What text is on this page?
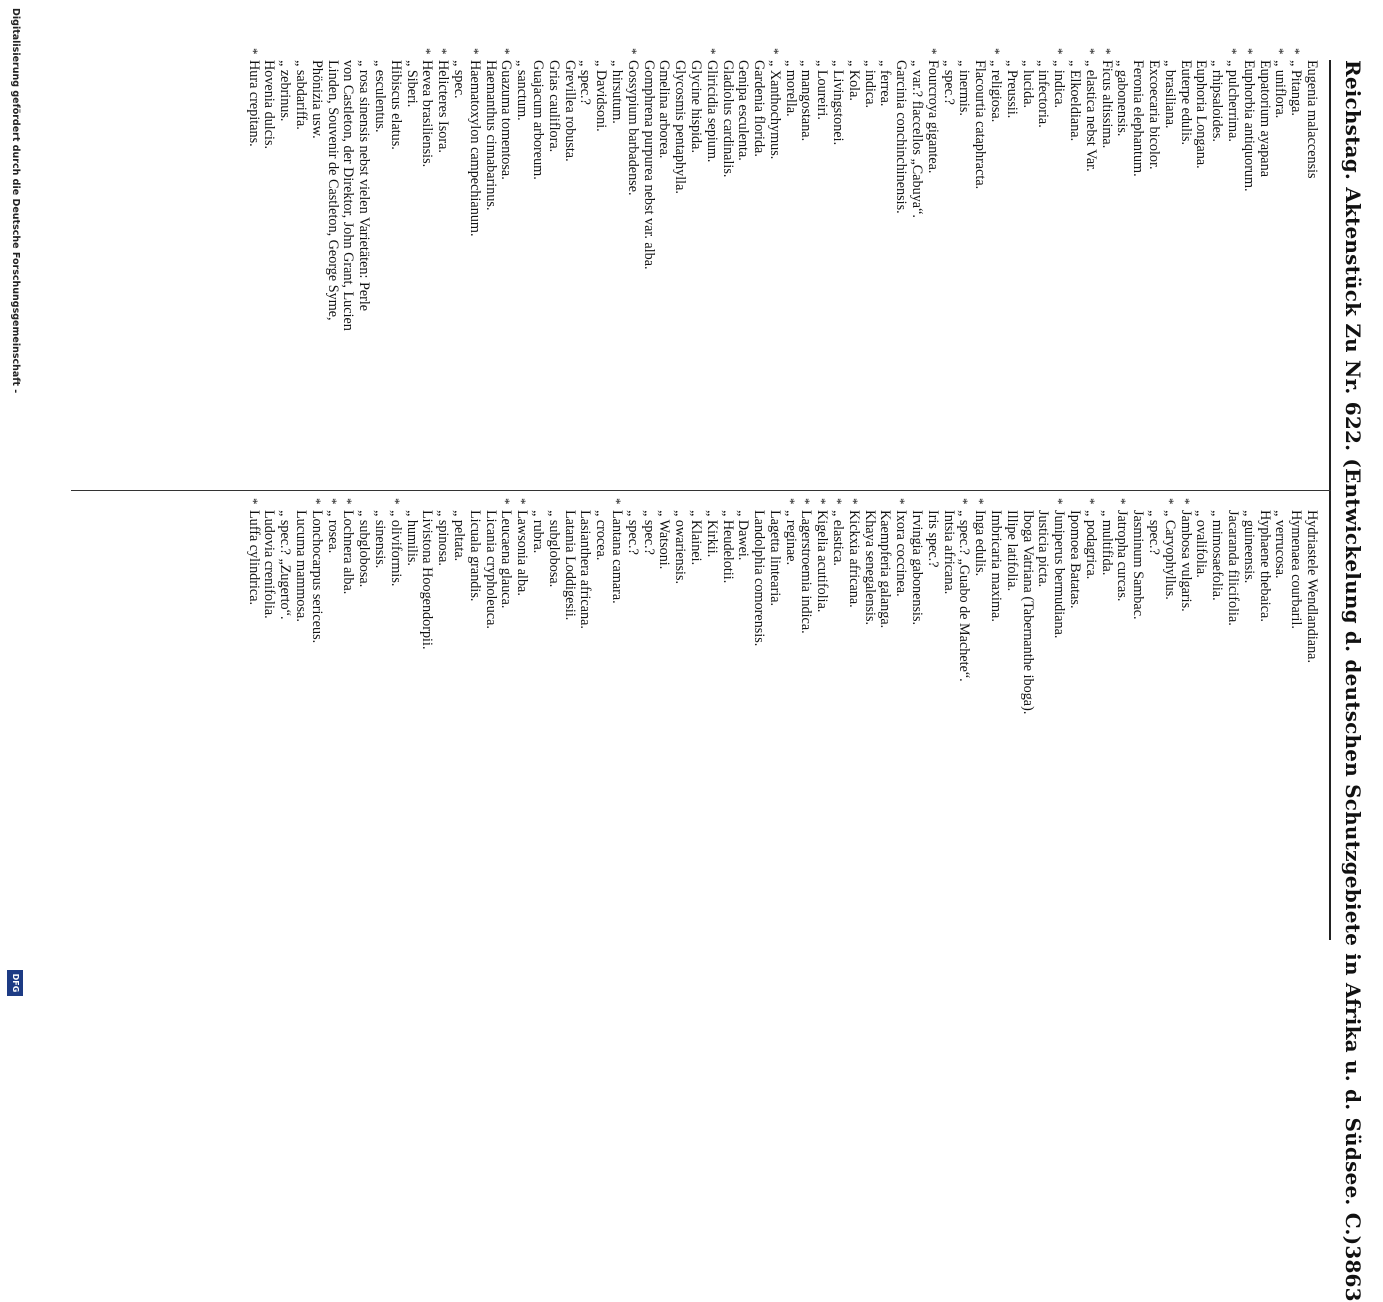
Reichstag. Aktenstück Zu Nr. 622. (Entwickelung d. deutschen Schutzgebiete in Afrika u. d. Südsee. C.)
3863
Eugenia malaccensis
*
„ Pitanga.
*
„ uniflora.
Eupatorium ayapana
*
Euphorbia antiquorum.
*
„ pulcherrima.
„ rhipsaloides.
Euphoria Longana.
Euterpe edulis.
„ brasiliana.
Excoecaria bicolor.
Feronia elephantum.
„ gabonensis.
*
Ficus altissima.
*
„ elastica nebst Var.
„ Elkoeldiana.
*
„ indica.
„ infectoria.
„ lucida.
„ Preussii.
*
„ religiosa.
Flacourtia cataphracta.
„ inermis.
„ spec.?
*
Fourcroya gigantea.
„ var.? flaccellos „Cabuya“.
Garcinia conchinchinensis.
„ ferrea.
„ indica.
„ Kola.
„ Livingstonei.
„ Loureiri.
„ mangostana.
„ morella.
*
„ Xanthochymus.
Gardenia florida.
Genipa esculenta.
Gladiolus cardinalis.
*
Gliricidia sepium.
Glycine hispida.
Glycosmis pentaphylla.
Gmelina arborea.
Gomphrena purpurea nebst var. alba.
*
Gossypium barbadense.
„ hirsutum.
„ Davidsoni.
„ spec.?
Grevillea robusta.
Grias cauliflora.
Guajacum arboreum.
„ sanctum.
*
Guazuma tomentosa.
Haemanthus cinnabarinus.
*
Haematoxylon campechianum.
„ spec.
*
Helicteres Isora.
*
Hevea brasiliensis.
„ Siberi.
Hibiscus elatus.
„ esculentus.
„ rosa sinensis nebst vielen Varietäten: Perle
von Castleton, der Direktor, John Grant, Lucien
Linden, Souvenir de Castleton, George Syme,
Phönizia usw.
„ sabdariffa.
„ zebrinus.
Hovenia dulcis.
*
Hura crepitans.
Hydriastele Wendlandiana.
Hymenaea courbaril.
„ verrucosa.
Hyphaene thebaica.
„ guineensis.
Jacaranda filicifolia.
„ mimosaefolia.
„ ovalifolia.
*
Jambosa vulgaris.
*
„ Caryophyllus.
„ spec.?
Jasminum Sambac.
*
Jatropha curcas.
„ multifida.
*
„ podagrica.
Ipomoea Batatas.
*
Juniperus bermudiana.
Justicia picta.
Iboga Vatriana (Tabernanthe iboga).
Illipe latifolia.
Imbricaria maxima.
*
Inga edulis.
*
„ spec.? „Guabo de Machete“.
Intsia africana.
Iris spec.?
Irvingia gabonensis.
*
Ixora coccinea.
Kaempferia galanga.
Khaya senegalensis.
*
Kickxia africana.
*
„ elastica.
*
Kigelia acutifolia.
*
Lagerstroemia indica.
*
„ reginae.
Lagetta lintearia.
Landolphia comorensis.
„ Dawei.
„ Heudelotii.
„ Kirkii.
„ Klainei.
„ owariensis.
„ Watsoni.
„ spec.?
„ spec.?
*
Lantana camara.
„ crocea.
Lasianthera africana.
Latania Loddigesii.
„ subglobosa.
„ rubra.
*
Lawsonia alba.
*
Leucaena glauca.
Licania crypholeuca.
Licuala grandis.
„ peltata.
„ spinosa.
Livistona Hoogendorpii.
„ humilis.
*
„ oliviformis.
„ sinensis.
„ subglobosa.
*
Lochnera alba.
*
„ rosea.
*
Lonchocarpus sericeus.
Lucuma mammosa.
„ spec.? „Zugerto“.
Ludovia crenifolia.
*
Luffa cylindrica.
Digitalisierung gefördert durch die Deutsche Forschungsgemeinschaft -
DFG
